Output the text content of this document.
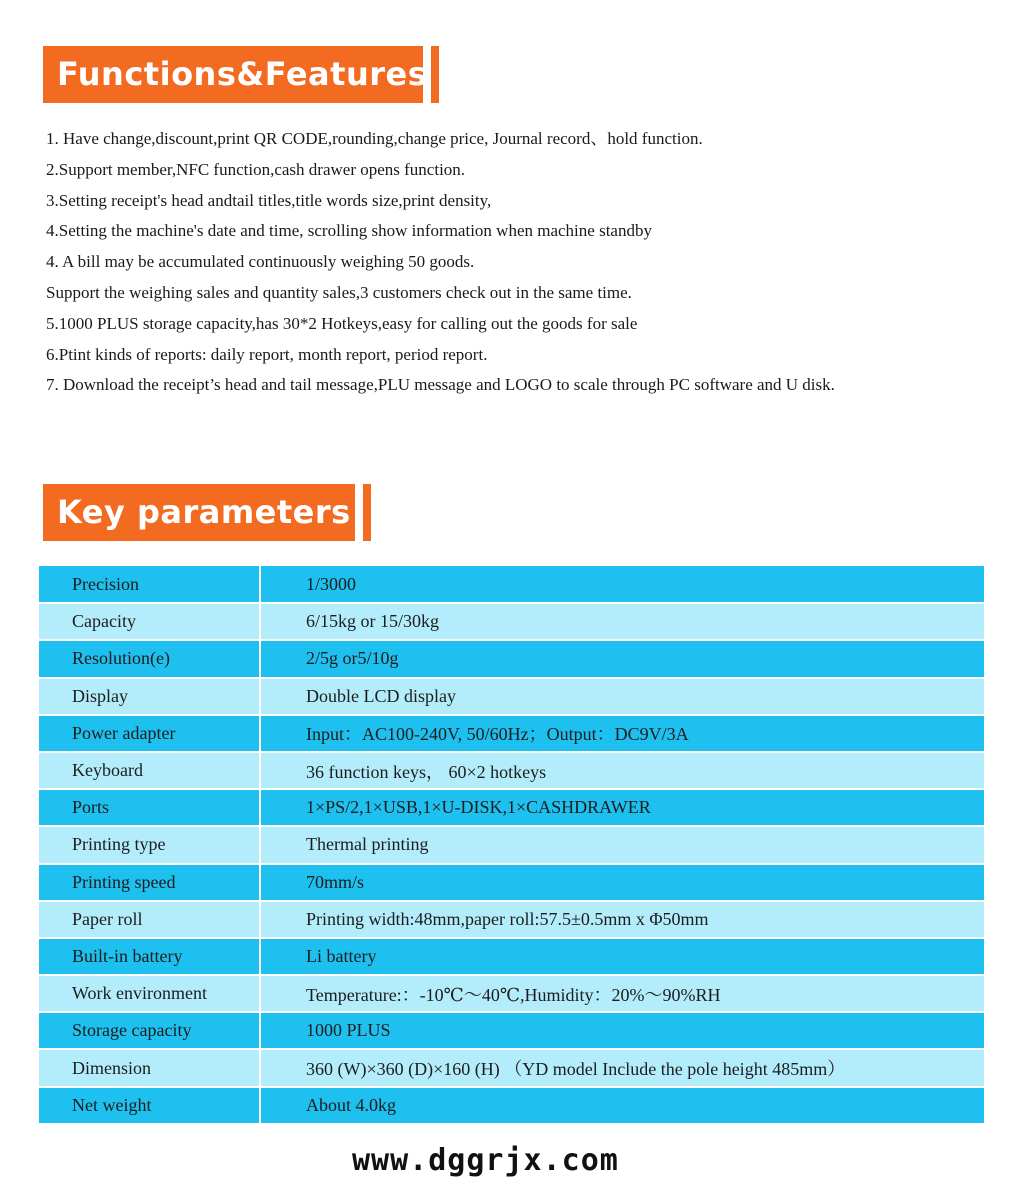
Functions&Features
1. Have change,discount,print QR CODE,rounding,change price, Journal record、hold function.
2.Support member,NFC function,cash drawer opens function.
3.Setting receipt's head andtail titles,title words size,print density,
4.Setting the machine's date and time, scrolling show information when machine standby
4. A bill may be accumulated continuously weighing 50 goods.
Support the weighing sales and quantity sales,3 customers check out in the same time.
5.1000 PLUS storage capacity,has 30*2 Hotkeys,easy for calling out the goods for sale
6.Ptint kinds of reports: daily report, month report, period report.
7. Download the receipt’s head and tail message,PLU message and LOGO to scale through PC software and U disk.
Key parameters
Precision	1/3000
Capacity	6/15kg or 15/30kg
Resolution(e)	2/5g or5/10g
Display	Double LCD display
Power adapter	Input：AC100-240V, 50/60Hz；Output：DC9V/3A
Keyboard	36 function keys， 60×2 hotkeys
Ports	1×PS/2,1×USB,1×U-DISK,1×CASHDRAWER
Printing type	Thermal printing
Printing speed	70mm/s
Paper roll	Printing width:48mm,paper roll:57.5±0.5mm x Φ50mm
Built-in battery	Li battery
Work environment	Temperature:：-10℃～40℃,Humidity：20%～90%RH
Storage capacity	1000 PLUS
Dimension	360 (W)×360 (D)×160 (H) （YD model Include the pole height 485mm）
Net weight	About 4.0kg
www.dggrjx.com
